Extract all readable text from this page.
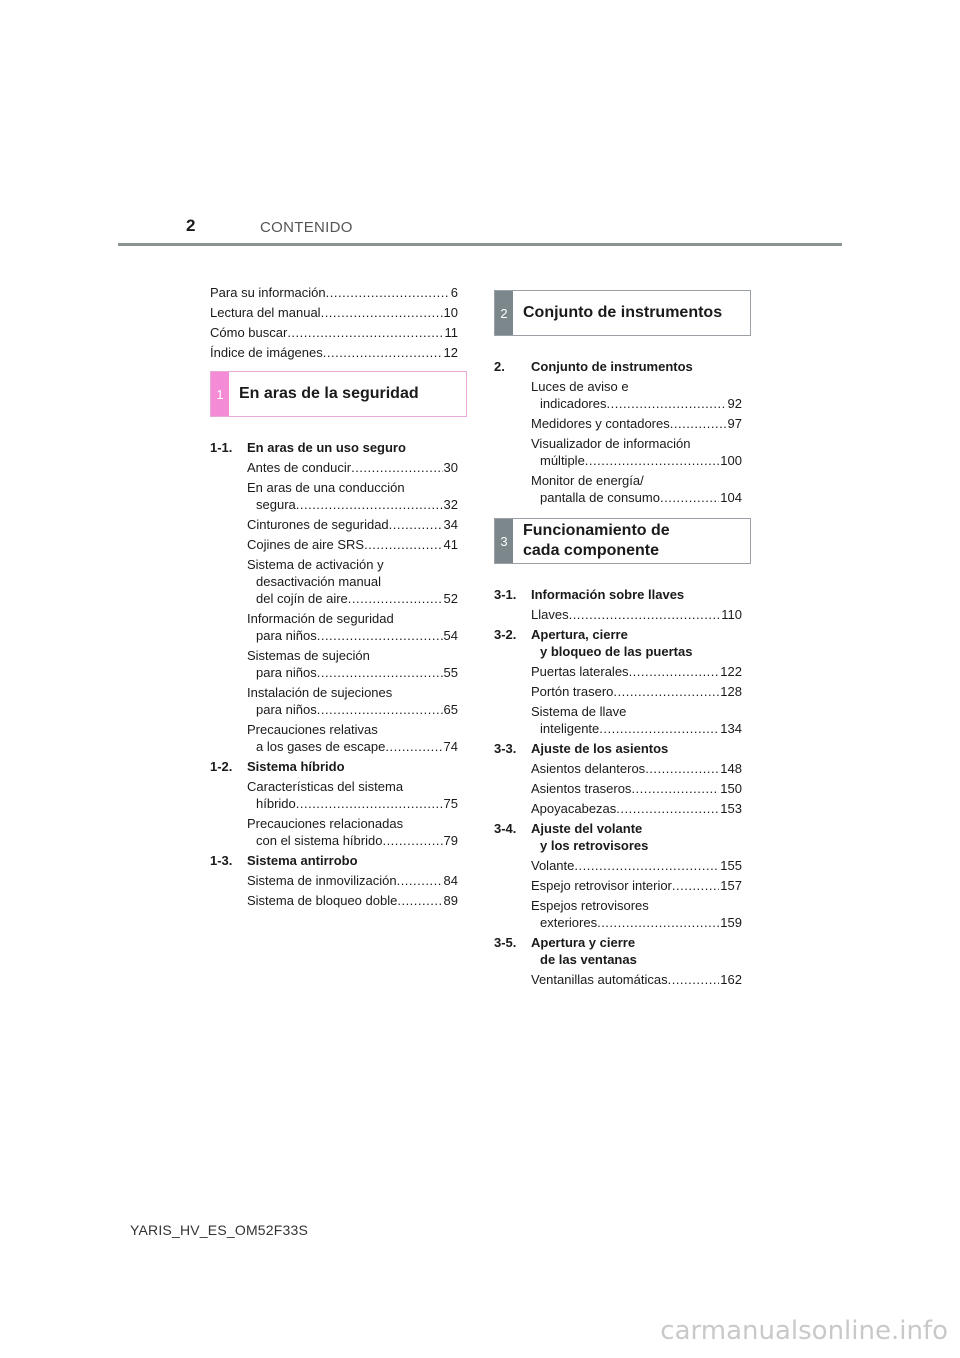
2	CONTENIDO
Para su información .....	6
Lectura del manual .....	10
Cómo buscar .....	11
Índice de imágenes .....	12
1 En aras de la seguridad
1-1.	En aras de un uso seguro
Antes de conducir .....	30
En aras de una conducción
segura .....	32
Cinturones de seguridad .....	34
Cojines de aire SRS .....	41
Sistema de activación y
desactivación manual
del cojín de aire .....	52
Información de seguridad
para niños .....	54
Sistemas de sujeción
para niños .....	55
Instalación de sujeciones
para niños .....	65
Precauciones relativas
a los gases de escape .....	74
1-2.	Sistema híbrido
Características del sistema
híbrido .....	75
Precauciones relacionadas
con el sistema híbrido .....	79
1-3.	Sistema antirrobo
Sistema de inmovilización .....	84
Sistema de bloqueo doble .....	89
2 Conjunto de instrumentos
2.	Conjunto de instrumentos
Luces de aviso e
indicadores .....	92
Medidores y contadores .....	97
Visualizador de información
múltiple .....	100
Monitor de energía/
pantalla de consumo .....	104
3
Funcionamiento de
cada componente
3-1.	Información sobre llaves
Llaves .....	110
3-2.	Apertura, cierre
y bloqueo de las puertas
Puertas laterales .....	122
Portón trasero .....	128
Sistema de llave
inteligente .....	134
3-3.	Ajuste de los asientos
Asientos delanteros .....	148
Asientos traseros .....	150
Apoyacabezas .....	153
3-4.	Ajuste del volante
y los retrovisores
Volante .....	155
Espejo retrovisor interior .....	157
Espejos retrovisores
exteriores .....	159
3-5.	Apertura y cierre
de las ventanas
Ventanillas automáticas .....	162
YARIS_HV_ES_OM52F33S
carmanualsonline.info
